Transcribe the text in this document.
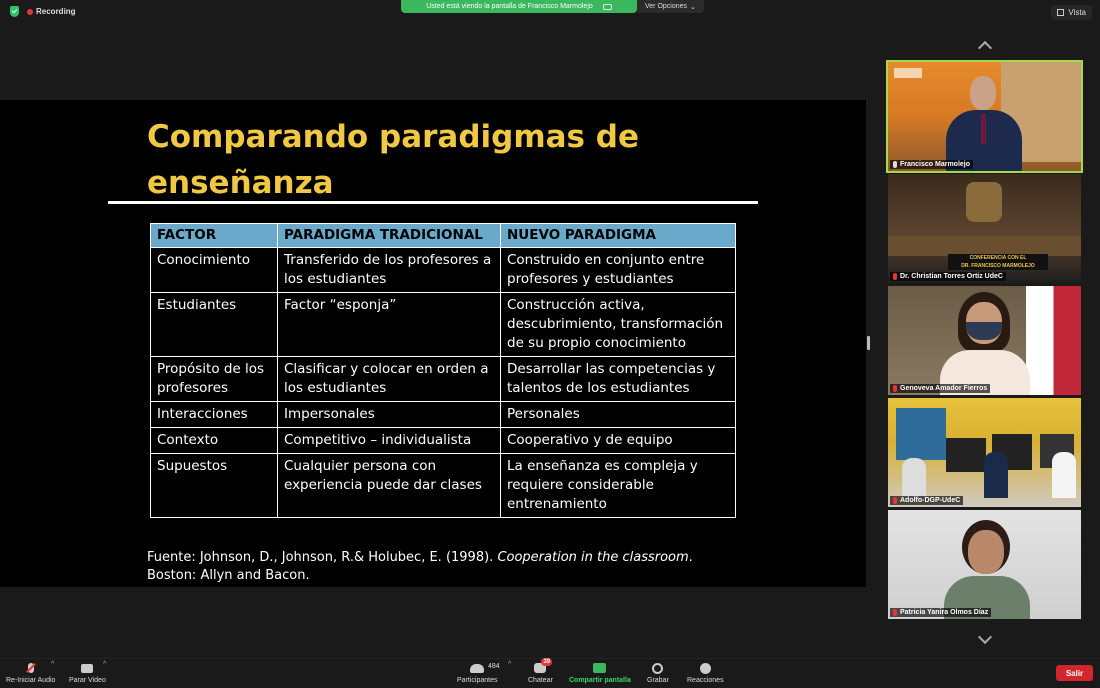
Recording
Usted está viendo la pantalla de Francisco Marmolejo	Ver Opciones ⌄
Vista
Comparando paradigmas de
enseñanza
FACTOR	PARADIGMA TRADICIONAL	NUEVO PARADIGMA
Conocimiento	Transferido de los profesores a los estudiantes	Construido en conjunto entre profesores y estudiantes
Estudiantes	Factor “esponja”	Construcción activa, descubrimiento, transformación de su propio conocimiento
Propósito de los profesores	Clasificar y colocar en orden a los estudiantes	Desarrollar las competencias y talentos de los estudiantes
Interacciones	Impersonales	Personales
Contexto	Competitivo – individualista	Cooperativo y de equipo
Supuestos	Cualquier persona con experiencia puede dar clases	La enseñanza es compleja y requiere considerable entrenamiento
Fuente: Johnson, D., Johnson, R.& Holubec, E. (1998). Cooperation in the classroom.
Boston: Allyn and Bacon.
Francisco Marmolejo
CONFERENCIA CON EL
DR. FRANCISCO MARMOLEJO
Dr. Christian Torres Ortiz UdeC
Genoveva Amador Fierros
Adolfo-DGP-UdeC
Patricia Yanira Olmos Díaz
Re-Iniciar Audio
^
Parar Video
^
Participantes
484 ^	39
Chatear Compartir pantalla Grabar	Reacciones
Salir
